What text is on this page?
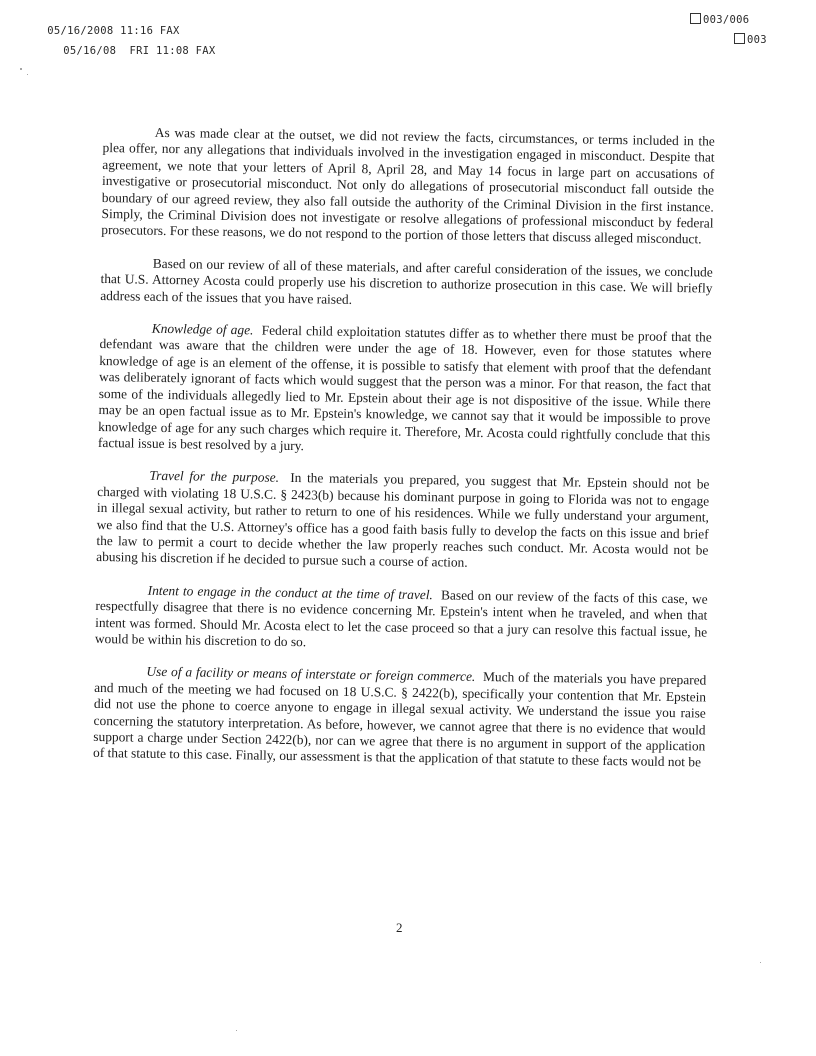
05/16/2008 11:16 FAX

003/006

05/16/08  FRI 11:08 FAX

003

As was made clear at the outset, we did not review the facts, circumstances, or terms included in the plea offer, nor any allegations that individuals involved in the investigation engaged in misconduct. Despite that agreement, we note that your letters of April 8, April 28, and May 14 focus in large part on accusations of investigative or prosecutorial misconduct. Not only do allegations of prosecutorial misconduct fall outside the boundary of our agreed review, they also fall outside the authority of the Criminal Division in the first instance. Simply, the Criminal Division does not investigate or resolve allegations of professional misconduct by federal prosecutors. For these reasons, we do not respond to the portion of those letters that discuss alleged misconduct.

Based on our review of all of these materials, and after careful consideration of the issues, we conclude that U.S. Attorney Acosta could properly use his discretion to authorize prosecution in this case. We will briefly address each of the issues that you have raised.

Knowledge of age. Federal child exploitation statutes differ as to whether there must be proof that the defendant was aware that the children were under the age of 18. However, even for those statutes where knowledge of age is an element of the offense, it is possible to satisfy that element with proof that the defendant was deliberately ignorant of facts which would suggest that the person was a minor. For that reason, the fact that some of the individuals allegedly lied to Mr. Epstein about their age is not dispositive of the issue. While there may be an open factual issue as to Mr. Epstein's knowledge, we cannot say that it would be impossible to prove knowledge of age for any such charges which require it. Therefore, Mr. Acosta could rightfully conclude that this factual issue is best resolved by a jury.

Travel for the purpose. In the materials you prepared, you suggest that Mr. Epstein should not be charged with violating 18 U.S.C. § 2423(b) because his dominant purpose in going to Florida was not to engage in illegal sexual activity, but rather to return to one of his residences. While we fully understand your argument, we also find that the U.S. Attorney's office has a good faith basis fully to develop the facts on this issue and brief the law to permit a court to decide whether the law properly reaches such conduct. Mr. Acosta would not be abusing his discretion if he decided to pursue such a course of action.

Intent to engage in the conduct at the time of travel. Based on our review of the facts of this case, we respectfully disagree that there is no evidence concerning Mr. Epstein's intent when he traveled, and when that intent was formed. Should Mr. Acosta elect to let the case proceed so that a jury can resolve this factual issue, he would be within his discretion to do so.

Use of a facility or means of interstate or foreign commerce. Much of the materials you have prepared and much of the meeting we had focused on 18 U.S.C. § 2422(b), specifically your contention that Mr. Epstein did not use the phone to coerce anyone to engage in illegal sexual activity. We understand the issue you raise concerning the statutory interpretation. As before, however, we cannot agree that there is no evidence that would support a charge under Section 2422(b), nor can we agree that there is no argument in support of the application of that statute to this case. Finally, our assessment is that the application of that statute to these facts would not be

2
